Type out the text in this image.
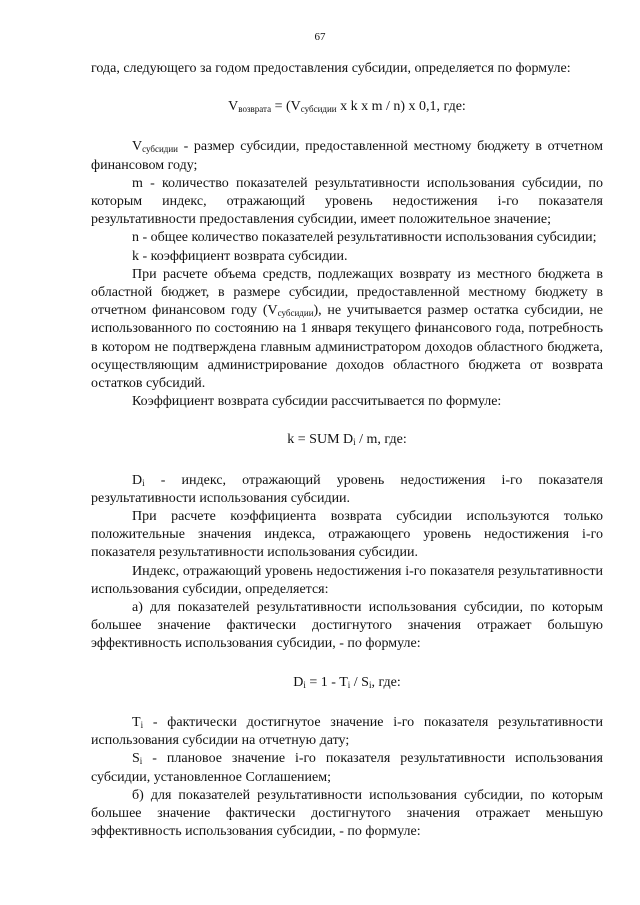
67

года, следующего за годом предоставления субсидии, определяется по формуле:

$V_{возврата} = (V_{субсидии}$ x k x m / n) x 0,1, где:

$V_{субсидии}$ - размер субсидии, предоставленной местному бюджету в отчетном финансовом году;

m - количество показателей результативности использования субсидии, по которым индекс, отражающий уровень недостижения i-го показателя результативности предоставления субсидии, имеет положительное значение;

n - общее количество показателей результативности использования субсидии;

k - коэффициент возврата субсидии.

При расчете объема средств, подлежащих возврату из местного бюджета в областной бюджет, в размере субсидии, предоставленной местному бюджету в отчетном финансовом году $(V_{субсидии})$, не учитывается размер остатка субсидии, не использованного по состоянию на 1 января текущего финансового года, потребность в котором не подтверждена главным администратором доходов областного бюджета, осуществляющим администрирование доходов областного бюджета от возврата остатков субсидий.

Коэффициент возврата субсидии рассчитывается по формуле:

k = SUM $D_i$ / m, где:

$D_i$ - индекс, отражающий уровень недостижения i-го показателя результативности использования субсидии.

При расчете коэффициента возврата субсидии используются только положительные значения индекса, отражающего уровень недостижения i-го показателя результативности использования субсидии.

Индекс, отражающий уровень недостижения i-го показателя результативности использования субсидии, определяется:

а) для показателей результативности использования субсидии, по которым большее значение фактически достигнутого значения отражает большую эффективность использования субсидии, - по формуле:

$D_i = 1 - T_i / S_i$, где:

$T_i$ - фактически достигнутое значение i-го показателя результативности использования субсидии на отчетную дату;

$S_i$ - плановое значение i-го показателя результативности использования субсидии, установленное Соглашением;

б) для показателей результативности использования субсидии, по которым большее значение фактически достигнутого значения отражает меньшую эффективность использования субсидии, - по формуле:
